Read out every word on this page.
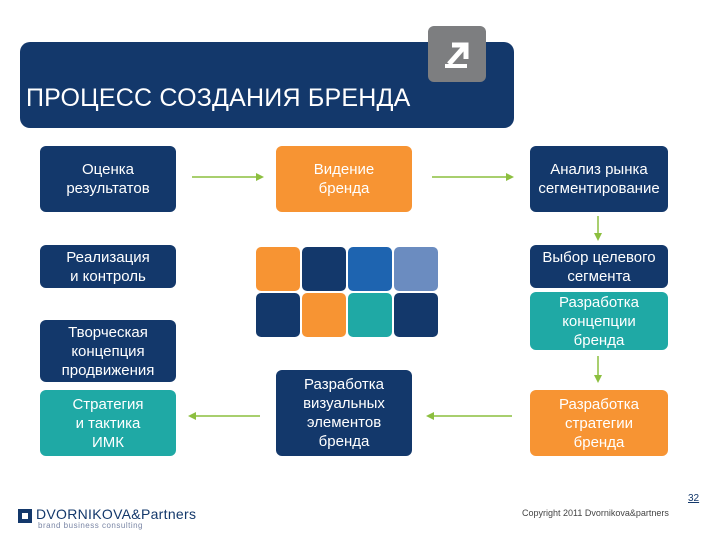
ПРОЦЕСС СОЗДАНИЯ БРЕНДА
Оценка
результатов
Видение
бренда
Анализ рынка
сегментирование
Реализация
и контроль
Выбор целевого
сегмента
Творческая
концепция
продвижения
Разработка
концепции
бренда
Стратегия
и тактика
ИМК
Разработка
визуальных
элементов
бренда
Разработка
стратегии
бренда
DVORNIKOVA&Partners
brand business consulting
Copyright 2011 Dvornikova&partners
32
